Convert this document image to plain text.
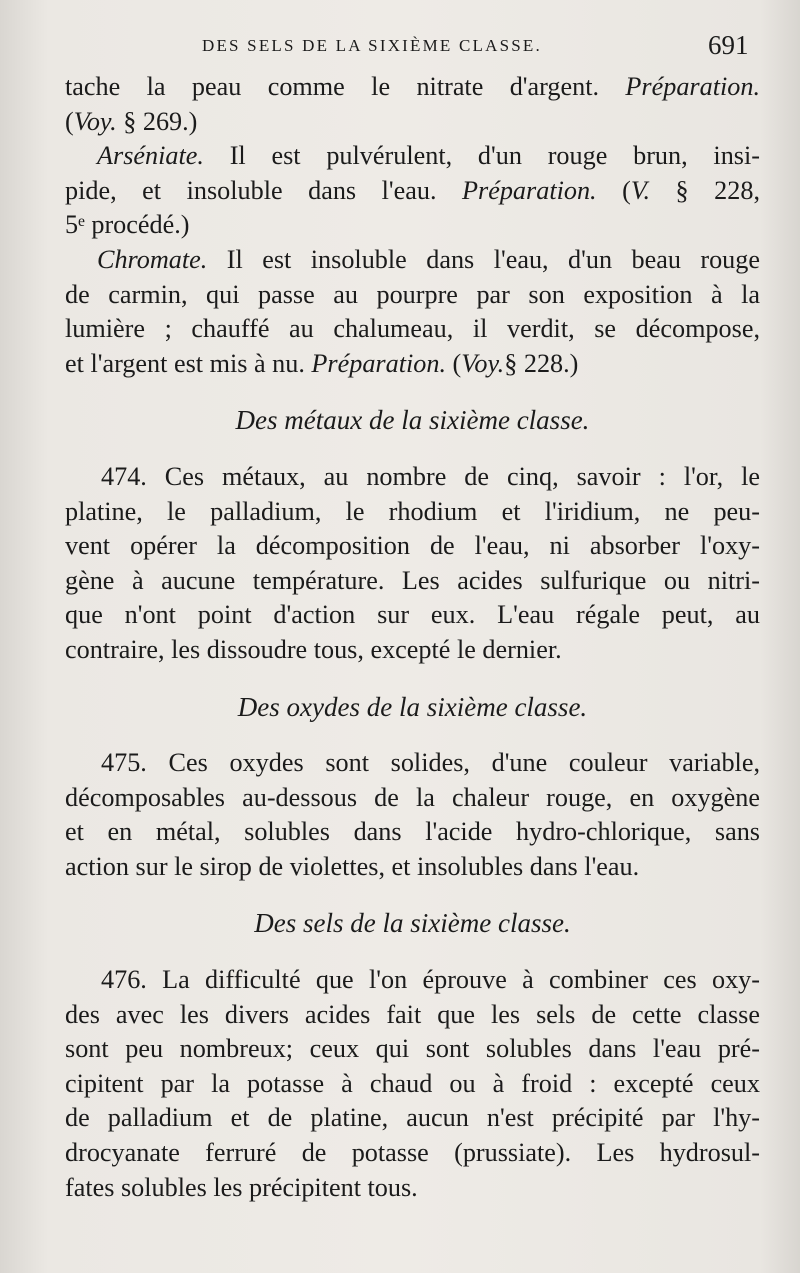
DES SELS DE LA SIXIÈME CLASSE.	691
tache la peau comme le nitrate d'argent. Préparation.
(Voy. § 269.)
Arséniate. Il est pulvérulent, d'un rouge brun, insi-
pide, et insoluble dans l'eau. Préparation. (V. § 228,
5ᵉ procédé.)
Chromate. Il est insoluble dans l'eau, d'un beau rouge
de carmin, qui passe au pourpre par son exposition à la
lumière ; chauffé au chalumeau, il verdit, se décompose,
et l'argent est mis à nu. Préparation. (Voy.§ 228.)
Des métaux de la sixième classe.
474. Ces métaux, au nombre de cinq, savoir : l'or, le
platine, le palladium, le rhodium et l'iridium, ne peu-
vent opérer la décomposition de l'eau, ni absorber l'oxy-
gène à aucune température. Les acides sulfurique ou nitri-
que n'ont point d'action sur eux. L'eau régale peut, au
contraire, les dissoudre tous, excepté le dernier.
Des oxydes de la sixième classe.
475. Ces oxydes sont solides, d'une couleur variable,
décomposables au-dessous de la chaleur rouge, en oxygène
et en métal, solubles dans l'acide hydro-chlorique, sans
action sur le sirop de violettes, et insolubles dans l'eau.
Des sels de la sixième classe.
476. La difficulté que l'on éprouve à combiner ces oxy-
des avec les divers acides fait que les sels de cette classe
sont peu nombreux; ceux qui sont solubles dans l'eau pré-
cipitent par la potasse à chaud ou à froid : excepté ceux
de palladium et de platine, aucun n'est précipité par l'hy-
drocyanate ferruré de potasse (prussiate). Les hydrosul-
fates solubles les précipitent tous.
